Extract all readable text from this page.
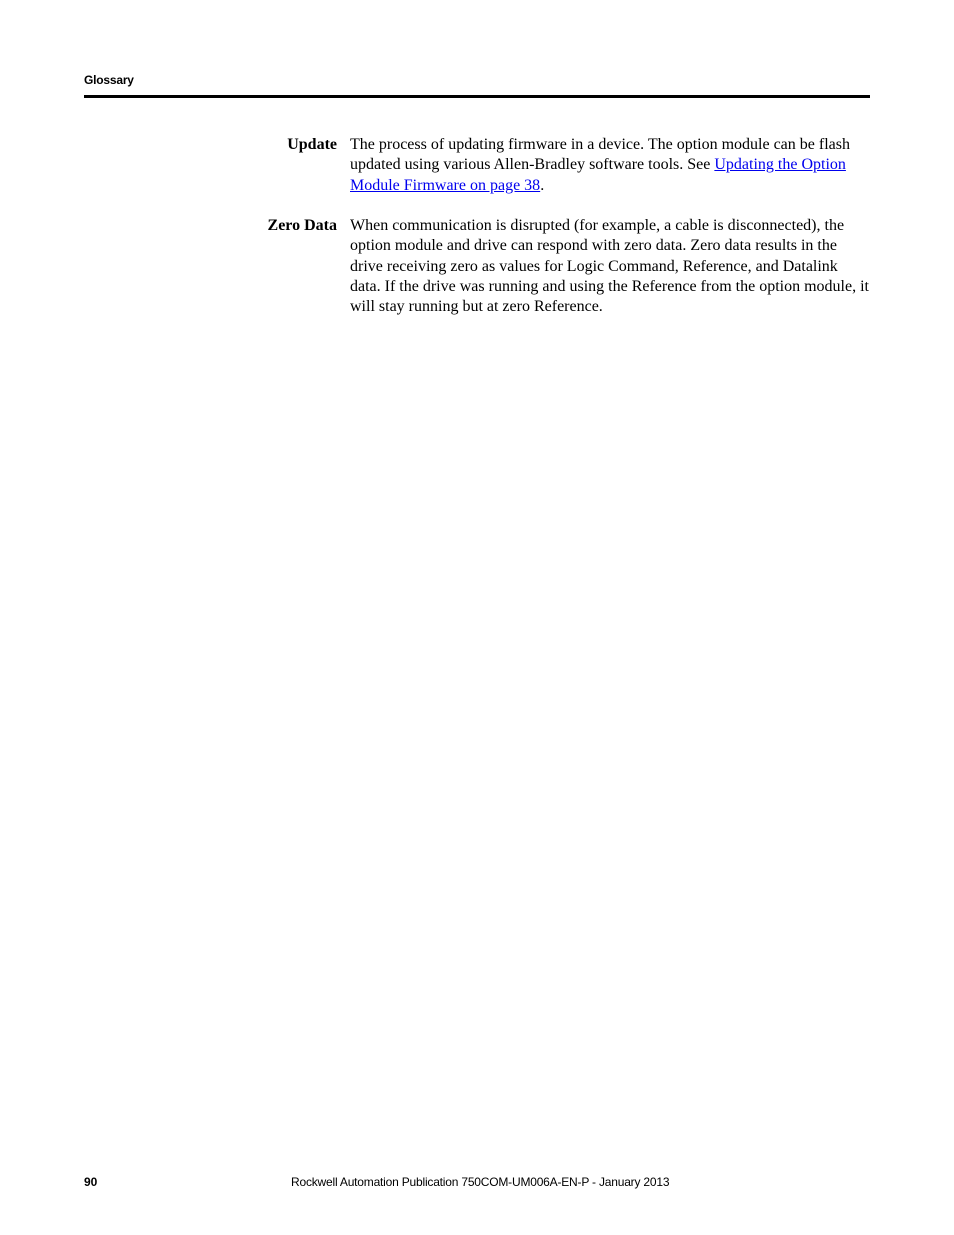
Glossary
Update The process of updating firmware in a device. The option module can be flash updated using various Allen-Bradley software tools. See Updating the Option Module Firmware on page 38.
Zero Data When communication is disrupted (for example, a cable is disconnected), the option module and drive can respond with zero data. Zero data results in the drive receiving zero as values for Logic Command, Reference, and Datalink data. If the drive was running and using the Reference from the option module, it will stay running but at zero Reference.
90	Rockwell Automation Publication 750COM-UM006A-EN-P - January 2013
